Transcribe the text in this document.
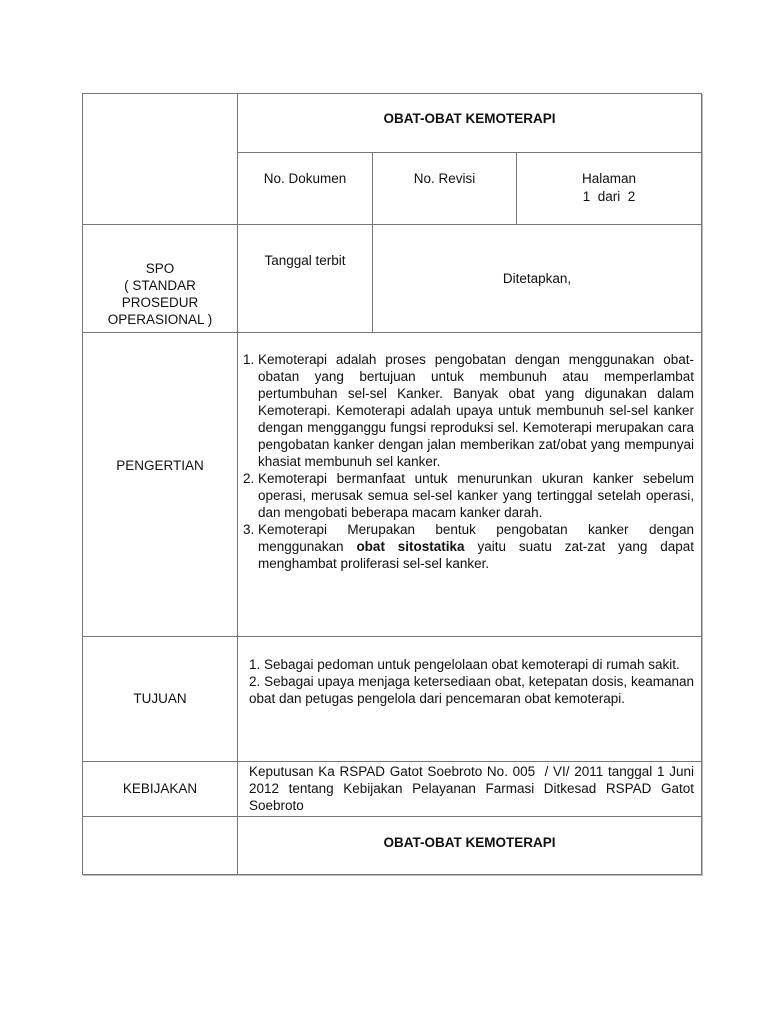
OBAT-OBAT KEMOTERAPI
No. Dokumen	No. Revisi	Halaman
1  dari  2
SPO
( STANDAR
PROSEDUR
OPERASIONAL )
Tanggal terbit
Ditetapkan,
PENGERTIAN
1. Kemoterapi adalah proses pengobatan dengan menggunakan obat-obatan yang bertujuan untuk membunuh atau memperlambat pertumbuhan sel-sel Kanker. Banyak obat yang digunakan dalam Kemoterapi. Kemoterapi adalah upaya untuk membunuh sel-sel kanker dengan mengganggu fungsi reproduksi sel. Kemoterapi merupakan cara pengobatan kanker dengan jalan memberikan zat/obat yang mempunyai khasiat membunuh sel kanker.
2. Kemoterapi bermanfaat untuk menurunkan ukuran kanker sebelum operasi, merusak semua sel-sel kanker yang tertinggal setelah operasi, dan mengobati beberapa macam kanker darah.
3. Kemoterapi Merupakan bentuk pengobatan kanker dengan menggunakan obat sitostatika yaitu suatu zat-zat yang dapat menghambat proliferasi sel-sel kanker.
TUJUAN

1. Sebagai pedoman untuk pengelolaan obat kemoterapi di rumah sakit.

2. Sebagai upaya menjaga ketersediaan obat, ketepatan dosis, keamanan obat dan petugas pengelola dari pencemaran obat kemoterapi.

KEBIJAKAN

Keputusan Ka RSPAD Gatot Soebroto No. 005  / VI/ 2011 tanggal 1 Juni 2012 tentang Kebijakan Pelayanan Farmasi Ditkesad RSPAD Gatot Soebroto

OBAT-OBAT KEMOTERAPI
